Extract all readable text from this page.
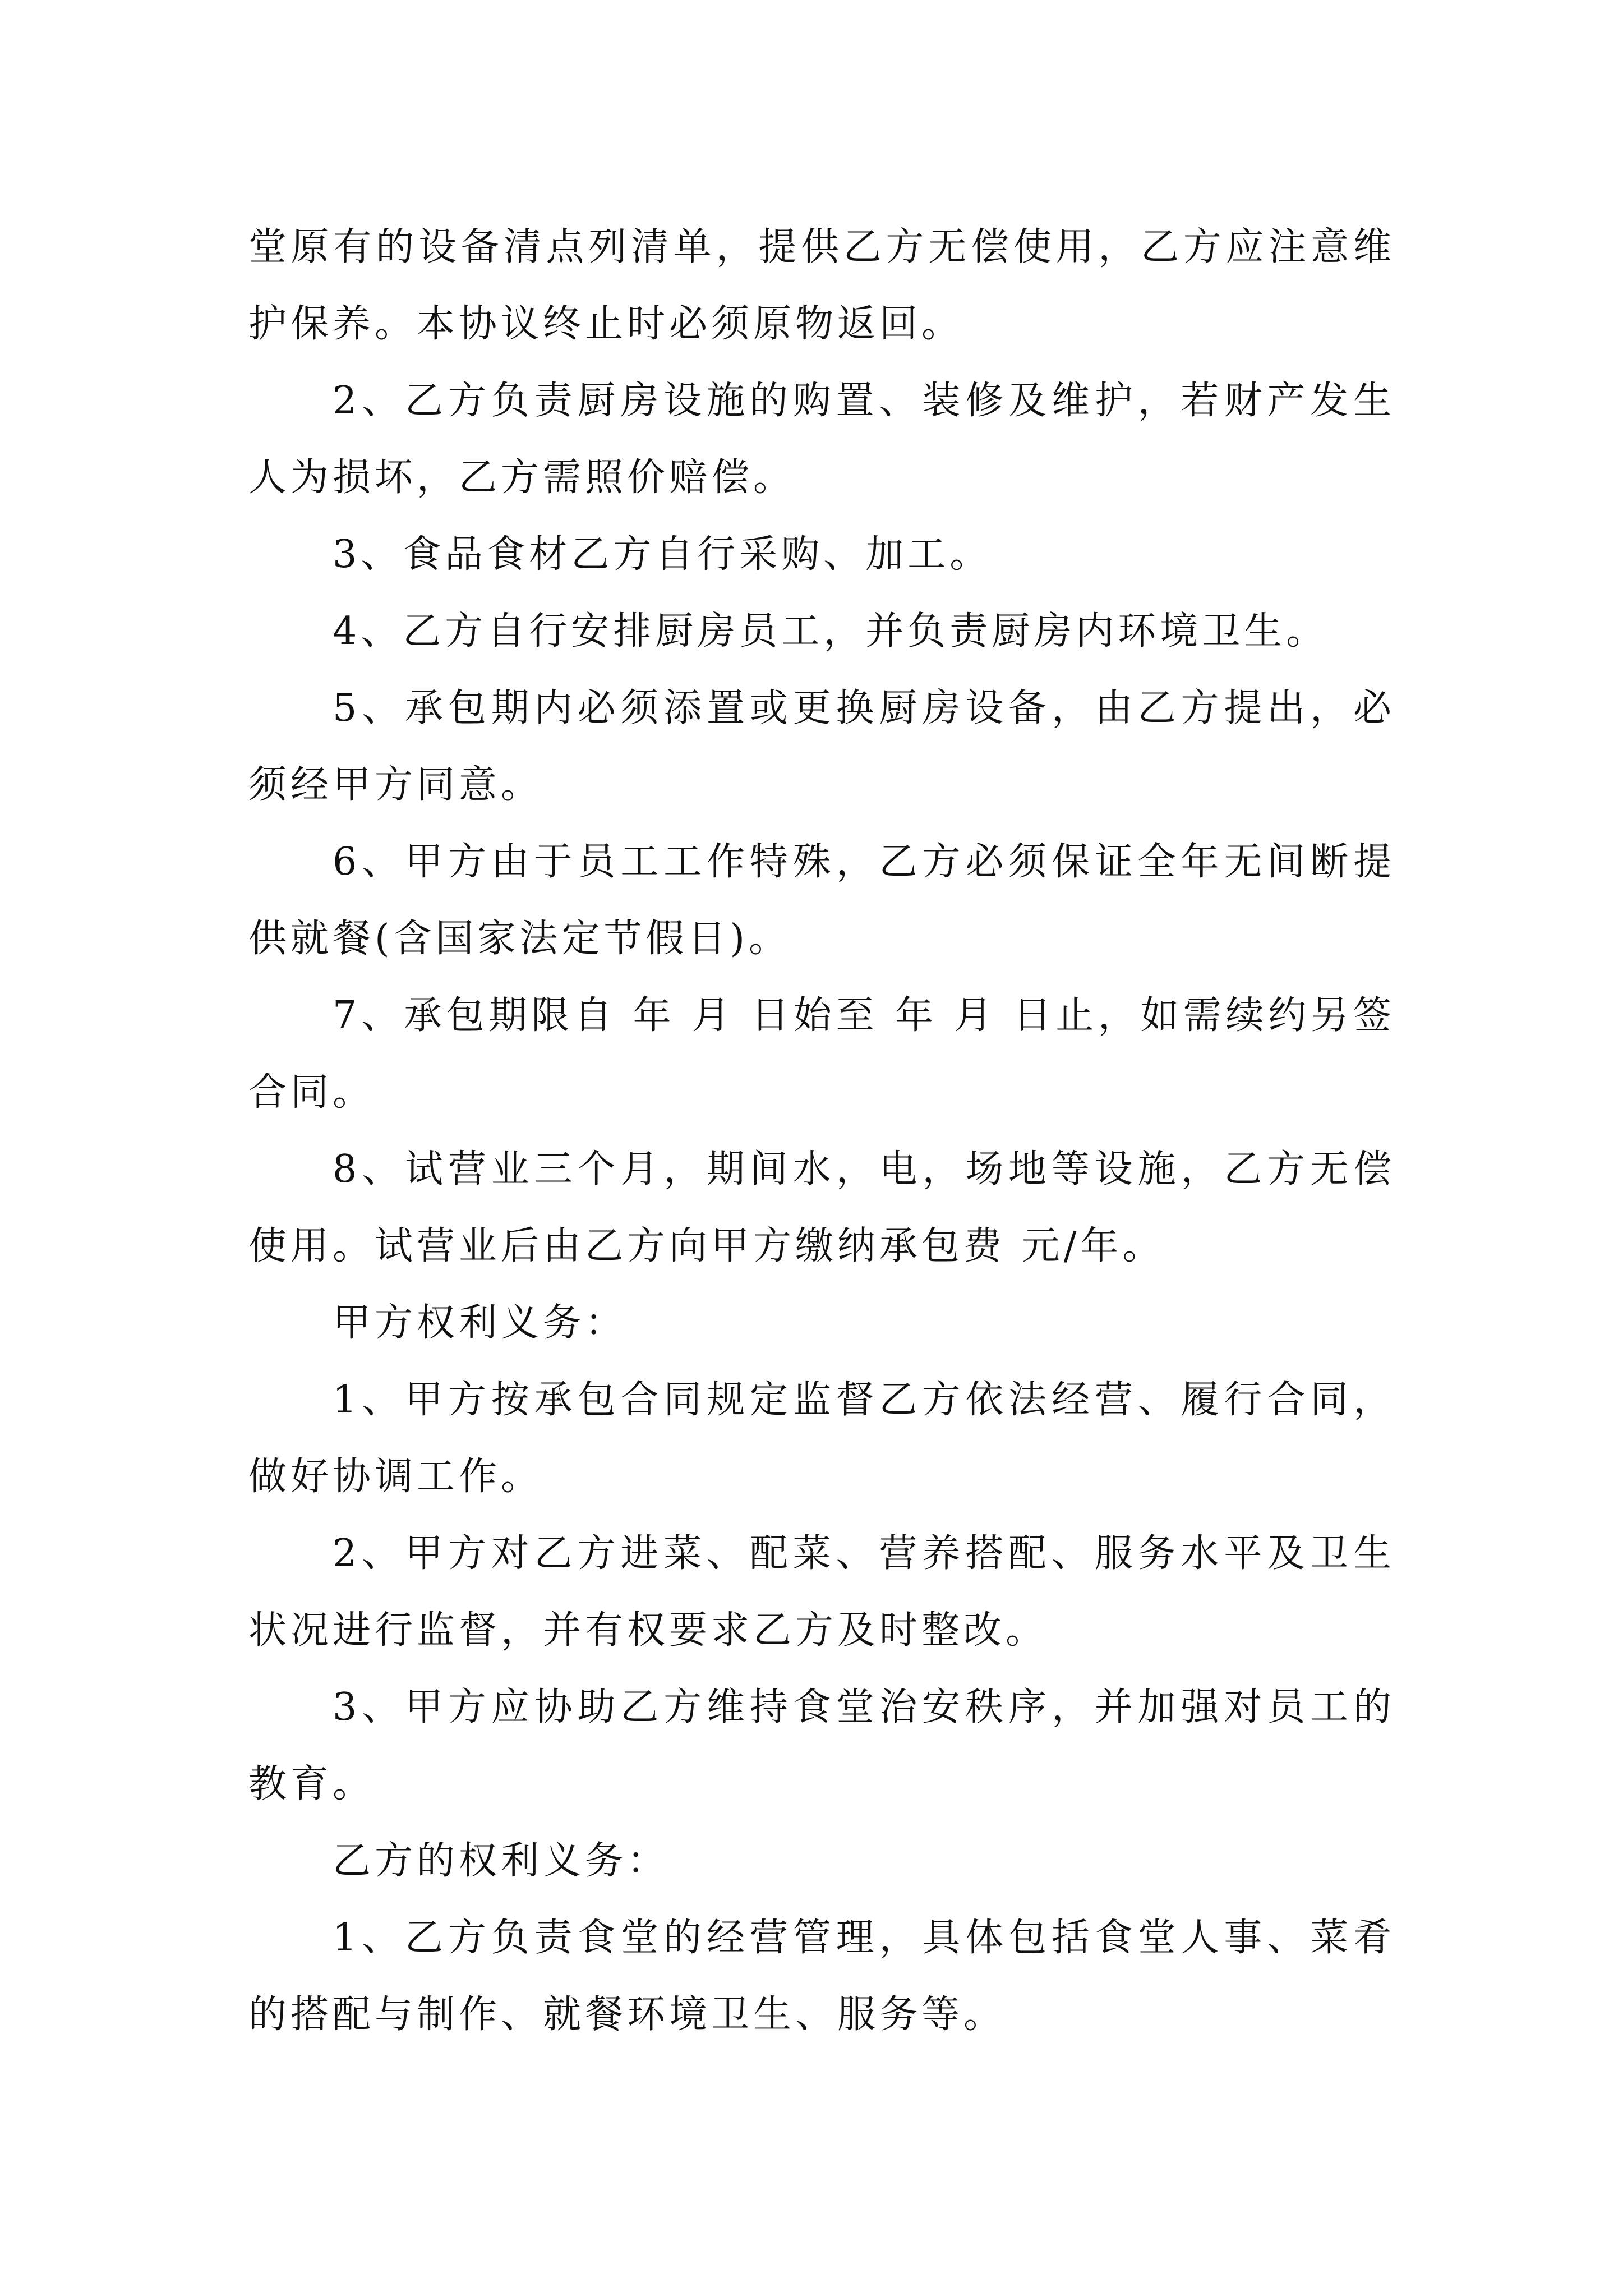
堂原有的设备清点列清单，提供乙方无偿使用，乙方应注意维护保养。本协议终止时必须原物返回。

2、乙方负责厨房设施的购置、装修及维护，若财产发生人为损坏，乙方需照价赔偿。

3、食品食材乙方自行采购、加工。

4、乙方自行安排厨房员工，并负责厨房内环境卫生。

5、承包期内必须添置或更换厨房设备，由乙方提出，必须经甲方同意。

6、甲方由于员工工作特殊，乙方必须保证全年无间断提供就餐(含国家法定节假日)。

7、承包期限自 年 月 日始至 年 月 日止，如需续约另签合同。

8、试营业三个月，期间水，电，场地等设施，乙方无偿使用。试营业后由乙方向甲方缴纳承包费 元/年。

甲方权利义务：

1、甲方按承包合同规定监督乙方依法经营、履行合同，做好协调工作。

2、甲方对乙方进菜、配菜、营养搭配、服务水平及卫生状况进行监督，并有权要求乙方及时整改。

3、甲方应协助乙方维持食堂治安秩序，并加强对员工的教育。

乙方的权利义务：

1、乙方负责食堂的经营管理，具体包括食堂人事、菜肴的搭配与制作、就餐环境卫生、服务等。
